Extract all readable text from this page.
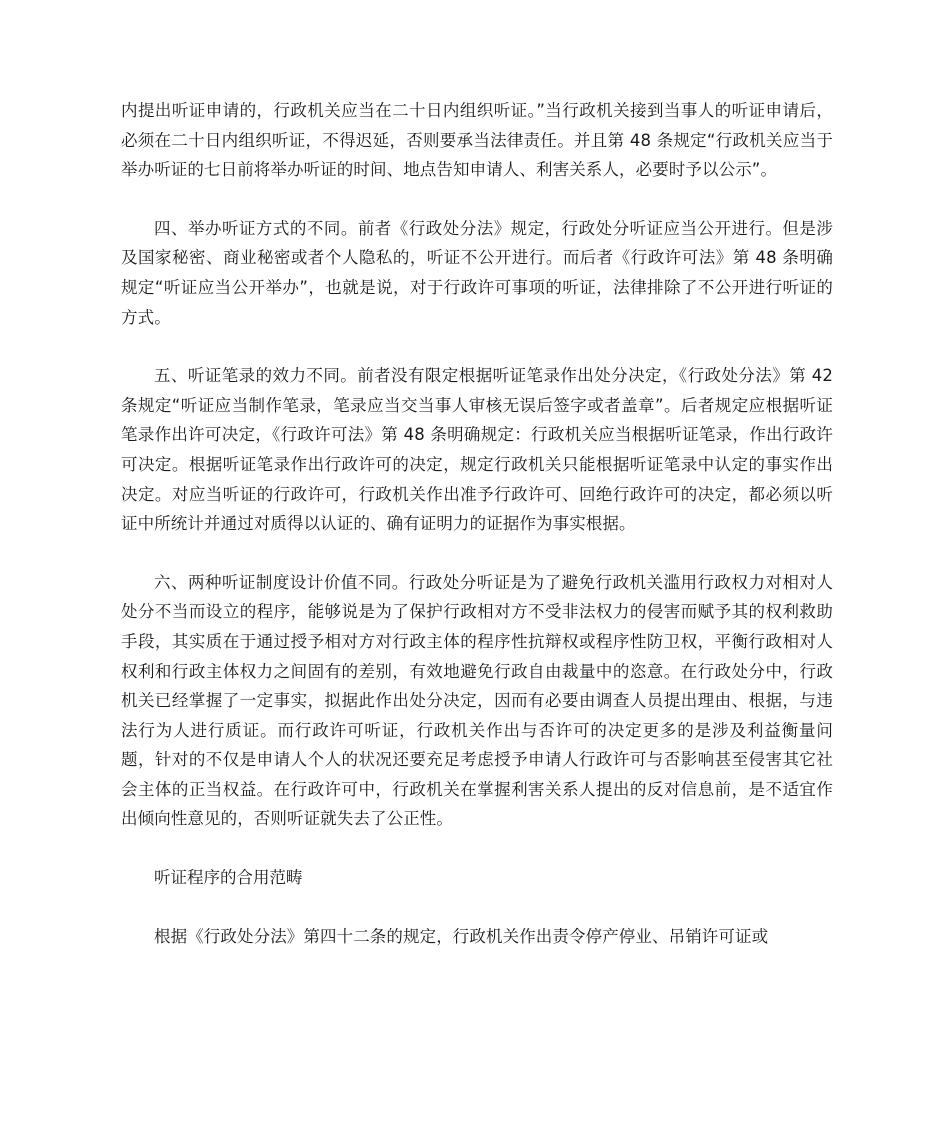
内提出听证申请的，行政机关应当在二十日内组织听证。”当行政机关接到当事人的听证申请后，必须在二十日内组织听证，不得迟延，否则要承当法律责任。并且第 48 条规定“行政机关应当于举办听证的七日前将举办听证的时间、地点告知申请人、利害关系人，必要时予以公示”。

四、举办听证方式的不同。前者《行政处分法》规定，行政处分听证应当公开进行。但是涉及国家秘密、商业秘密或者个人隐私的，听证不公开进行。而后者《行政许可法》第 48 条明确规定“听证应当公开举办”，也就是说，对于行政许可事项的听证，法律排除了不公开进行听证的方式。

五、听证笔录的效力不同。前者没有限定根据听证笔录作出处分决定，《行政处分法》第 42 条规定“听证应当制作笔录，笔录应当交当事人审核无误后签字或者盖章”。后者规定应根据听证笔录作出许可决定，《行政许可法》第 48 条明确规定：行政机关应当根据听证笔录，作出行政许可决定。根据听证笔录作出行政许可的决定，规定行政机关只能根据听证笔录中认定的事实作出决定。对应当听证的行政许可，行政机关作出准予行政许可、回绝行政许可的决定，都必须以听证中所统计并通过对质得以认证的、确有证明力的证据作为事实根据。

六、两种听证制度设计价值不同。行政处分听证是为了避免行政机关滥用行政权力对相对人处分不当而设立的程序，能够说是为了保护行政相对方不受非法权力的侵害而赋予其的权利救助手段，其实质在于通过授予相对方对行政主体的程序性抗辩权或程序性防卫权，平衡行政相对人权利和行政主体权力之间固有的差别，有效地避免行政自由裁量中的恣意。在行政处分中，行政机关已经掌握了一定事实，拟据此作出处分决定，因而有必要由调查人员提出理由、根据，与违法行为人进行质证。而行政许可听证，行政机关作出与否许可的决定更多的是涉及利益衡量问题，针对的不仅是申请人个人的状况还要充足考虑授予申请人行政许可与否影响甚至侵害其它社会主体的正当权益。在行政许可中，行政机关在掌握利害关系人提出的反对信息前，是不适宜作出倾向性意见的，否则听证就失去了公正性。

听证程序的合用范畴

根据《行政处分法》第四十二条的规定，行政机关作出责令停产停业、吊销许可证或
